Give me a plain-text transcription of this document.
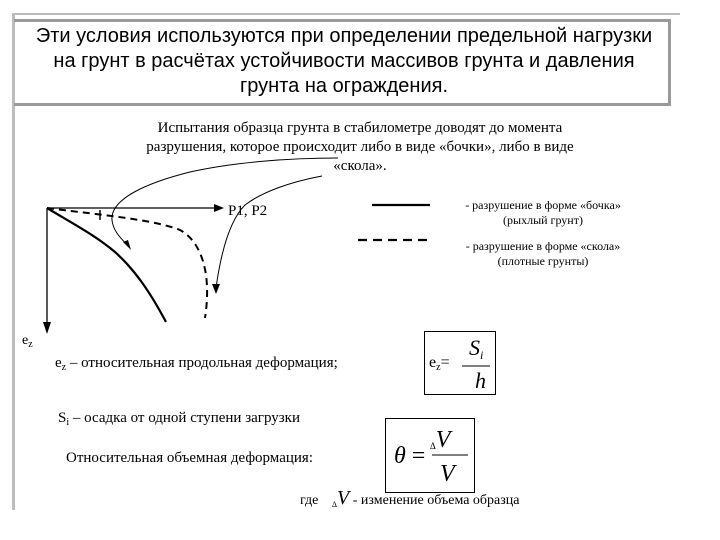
Эти условия используются при определении предельной нагрузки
на грунт в расчётах устойчивости массивов грунта и давления
грунта на ограждения.
Испытания образца грунта в стабилометре доводят до момента
разрушения, которое происходит либо в виде «бочки», либо в виде
«скола».
P1, P2
$e_z$
- разрушение в форме «бочка»
(рыхлый грунт)
- разрушение в форме «скола»
(плотные грунты)
$e_z$ – относительная продольная деформация;	$e_z=$
Si
h
$S_i$ – осадка от одной ступени загрузки
Относительная объемная деформация:	θ = ΔV
V
где $_\Delta$V - изменение объема образца
